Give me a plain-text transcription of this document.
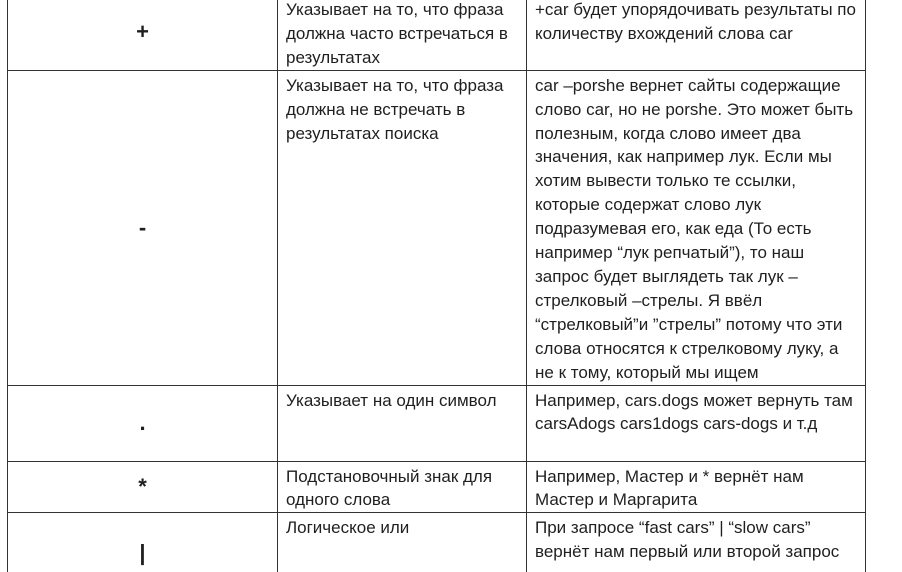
+	Указывает на то, что фраза должна часто встречаться в результатах	+car будет упорядочивать результаты по количеству вхождений слова car
-	Указывает на то, что фраза должна не встречать в результатах поиска	car –porshe вернет сайты содержащие слово car, но не porshe. Это может быть полезным, когда слово имеет два значения, как например лук. Если мы хотим вывести только те ссылки, которые содержат слово лук подразумевая его, как еда (То есть например “лук репчатый”), то наш запрос будет выглядеть так лук –стрелковый –стрелы. Я ввёл “стрелковый”и ”стрелы” потому что эти слова относятся к стрелковому луку, а не к тому, который мы ищем
.	Указывает на один символ	Например, cars.dogs может вернуть там carsAdogs cars1dogs cars-dogs и т.д
*	Подстановочный знак для одного слова	Например, Мастер и * вернёт нам Мастер и Маргарита
|	Логическое или	При запросе “fast cars” | “slow cars” вернёт нам первый или второй запрос
